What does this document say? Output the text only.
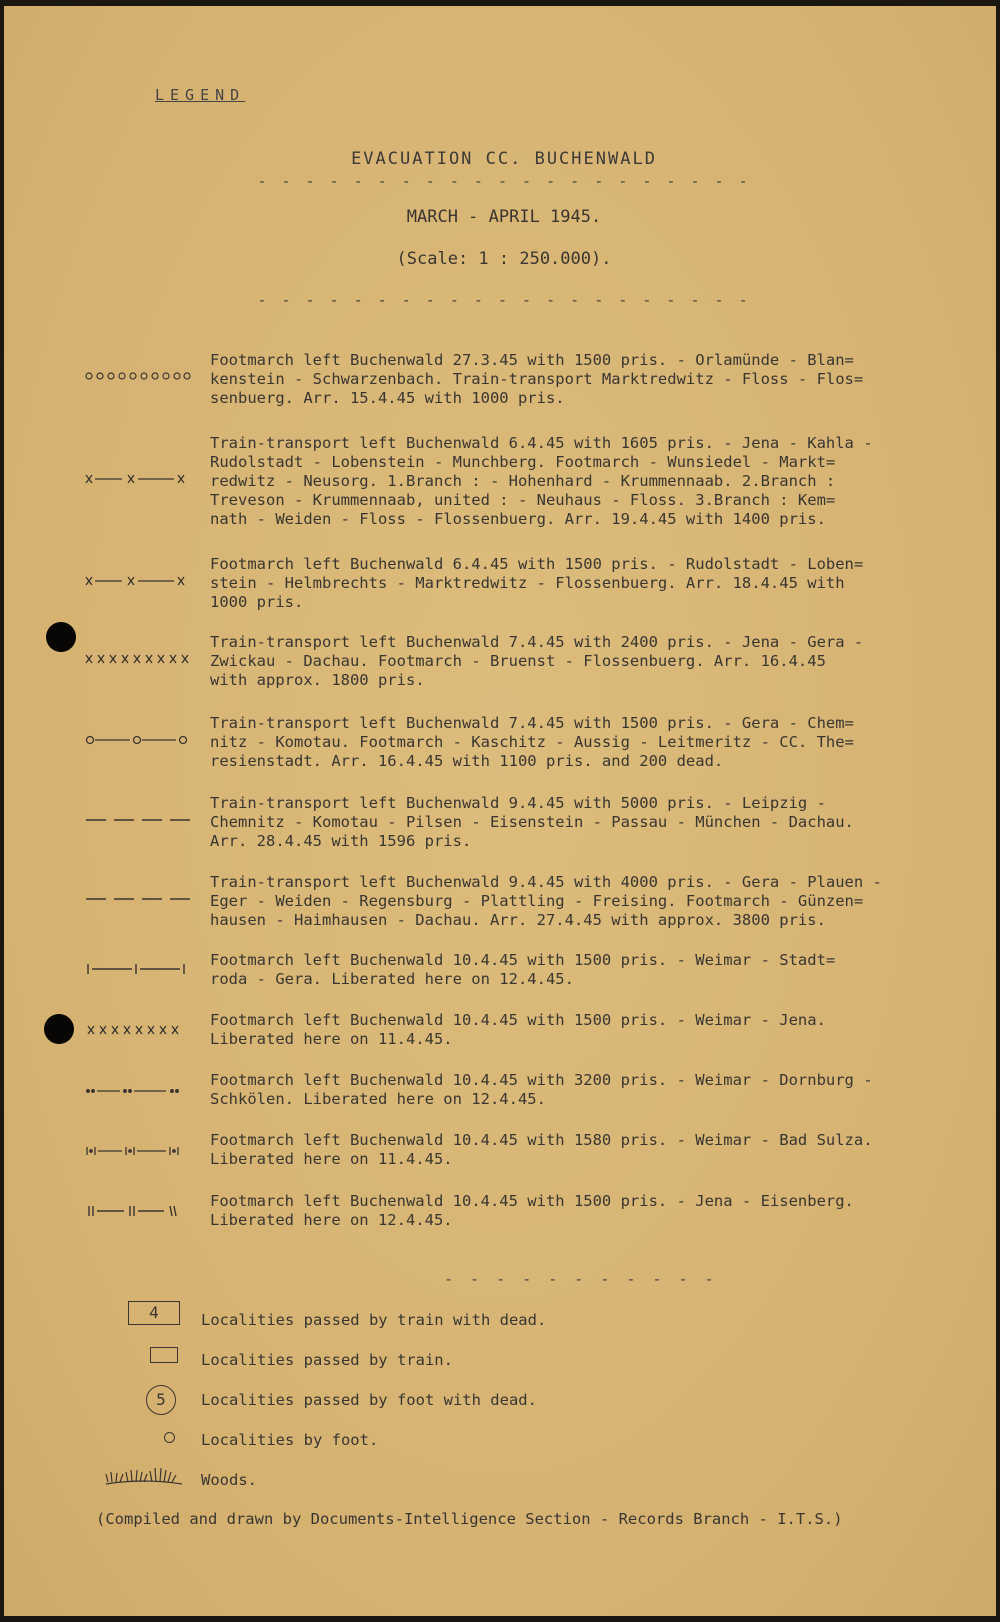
LEGEND
EVACUATION CC. BUCHENWALD
- - - - - - - - - - - - - - - - - - - - -
MARCH - APRIL 1945.
(Scale: 1 : 250.000).
- - - - - - - - - - - - - - - - - - - - -
Footmarch left Buchenwald 27.3.45 with 1500 pris. - Orlamünde - Blan=
kenstein - Schwarzenbach. Train-transport Marktredwitz - Floss - Flos=
senbuerg. Arr. 15.4.45 with 1000 pris.
Train-transport left Buchenwald 6.4.45 with 1605 pris. - Jena - Kahla -
Rudolstadt - Lobenstein - Munchberg. Footmarch - Wunsiedel - Markt=
redwitz - Neusorg. 1.Branch : - Hohenhard - Krummennaab. 2.Branch :
Treveson - Krummennaab, united : - Neuhaus - Floss. 3.Branch : Kem=
nath - Weiden - Floss - Flossenbuerg. Arr. 19.4.45 with 1400 pris.
Footmarch left Buchenwald 6.4.45 with 1500 pris. - Rudolstadt - Loben=
stein - Helmbrechts - Marktredwitz - Flossenbuerg. Arr. 18.4.45 with
1000 pris.
Train-transport left Buchenwald 7.4.45 with 2400 pris. - Jena - Gera -
Zwickau - Dachau. Footmarch - Bruenst - Flossenbuerg. Arr. 16.4.45
with approx. 1800 pris.
Train-transport left Buchenwald 7.4.45 with 1500 pris. - Gera - Chem=
nitz - Komotau. Footmarch - Kaschitz - Aussig - Leitmeritz - CC. The=
resienstadt. Arr. 16.4.45 with 1100 pris. and 200 dead.
Train-transport left Buchenwald 9.4.45 with 5000 pris. - Leipzig -
Chemnitz - Komotau - Pilsen - Eisenstein - Passau - München - Dachau.
Arr. 28.4.45 with 1596 pris.
Train-transport left Buchenwald 9.4.45 with 4000 pris. - Gera - Plauen -
Eger - Weiden - Regensburg - Plattling - Freising. Footmarch - Günzen=
hausen - Haimhausen - Dachau. Arr. 27.4.45 with approx. 3800 pris.
Footmarch left Buchenwald 10.4.45 with 1500 pris. - Weimar - Stadt=
roda - Gera. Liberated here on 12.4.45.
Footmarch left Buchenwald 10.4.45 with 1500 pris. - Weimar - Jena.
Liberated here on 11.4.45.
Footmarch left Buchenwald 10.4.45 with 3200 pris. - Weimar - Dornburg -
Schkölen. Liberated here on 12.4.45.
Footmarch left Buchenwald 10.4.45 with 1580 pris. - Weimar - Bad Sulza.
Liberated here on 11.4.45.
Footmarch left Buchenwald 10.4.45 with 1500 pris. - Jena - Eisenberg.
Liberated here on 12.4.45.
- - - - - - - - - - -
4	Localities passed by train with dead.
Localities passed by train.
5	Localities passed by foot with dead.
Localities by foot.
Woods.
(Compiled and drawn by Documents-Intelligence Section - Records Branch - I.T.S.)
